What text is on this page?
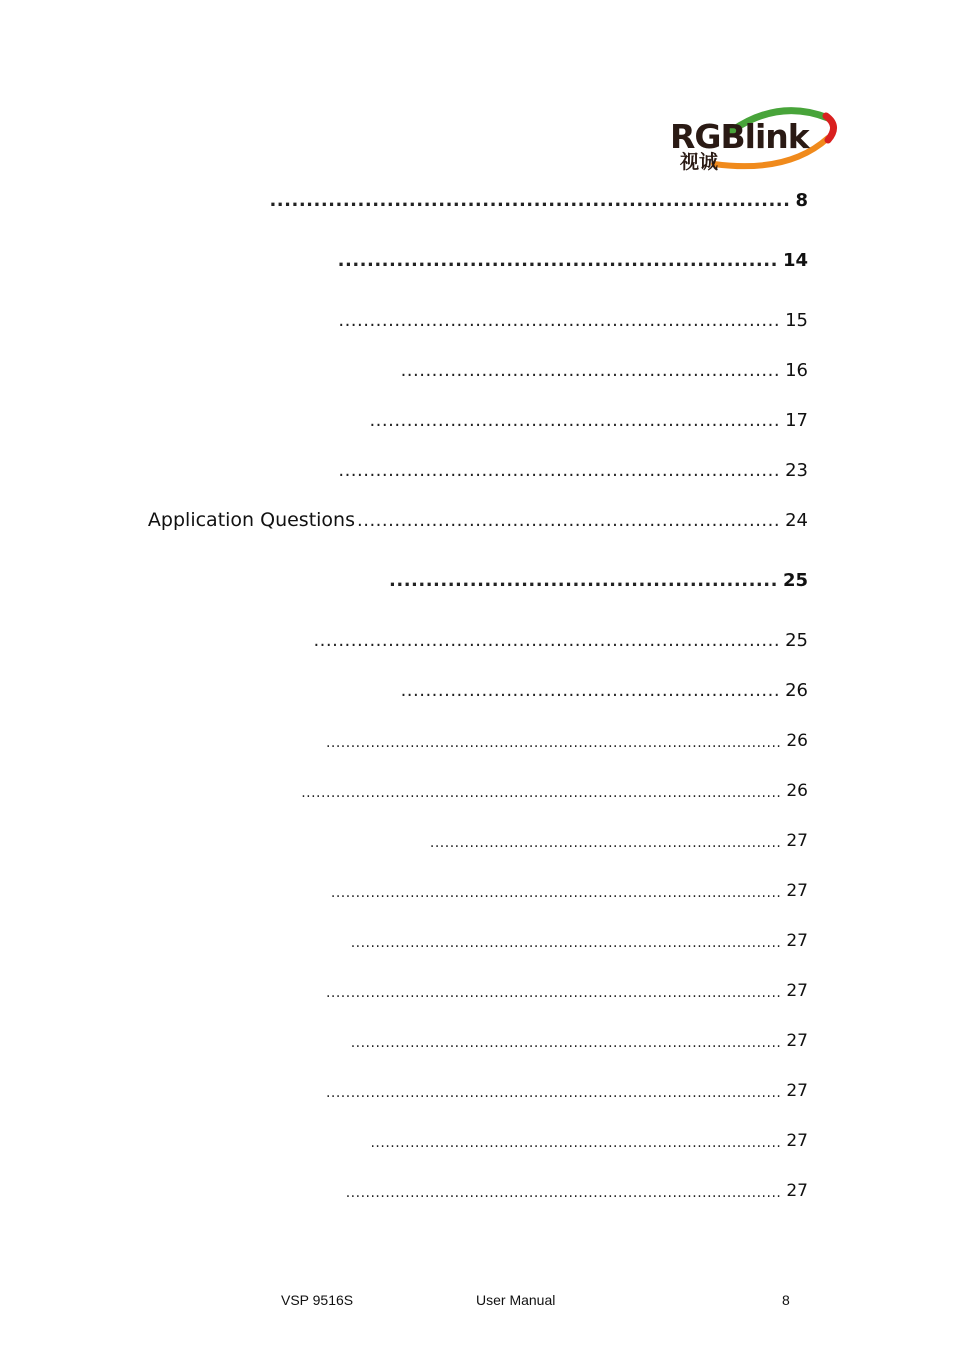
RGBlink
视诚
....................................................................... 8
............................................................ 14
....................................................................... 15
............................................................. 16
.................................................................. 17
....................................................................... 23
Application Questions .................................................................... 24
..................................................... 25
........................................................................... 25
............................................................. 26
............................................................................................ 26
................................................................................................. 26
....................................................................... 27
........................................................................................... 27
....................................................................................... 27
............................................................................................ 27
....................................................................................... 27
............................................................................................ 27
................................................................................... 27
........................................................................................ 27
VSP 9516S	User Manual	8
